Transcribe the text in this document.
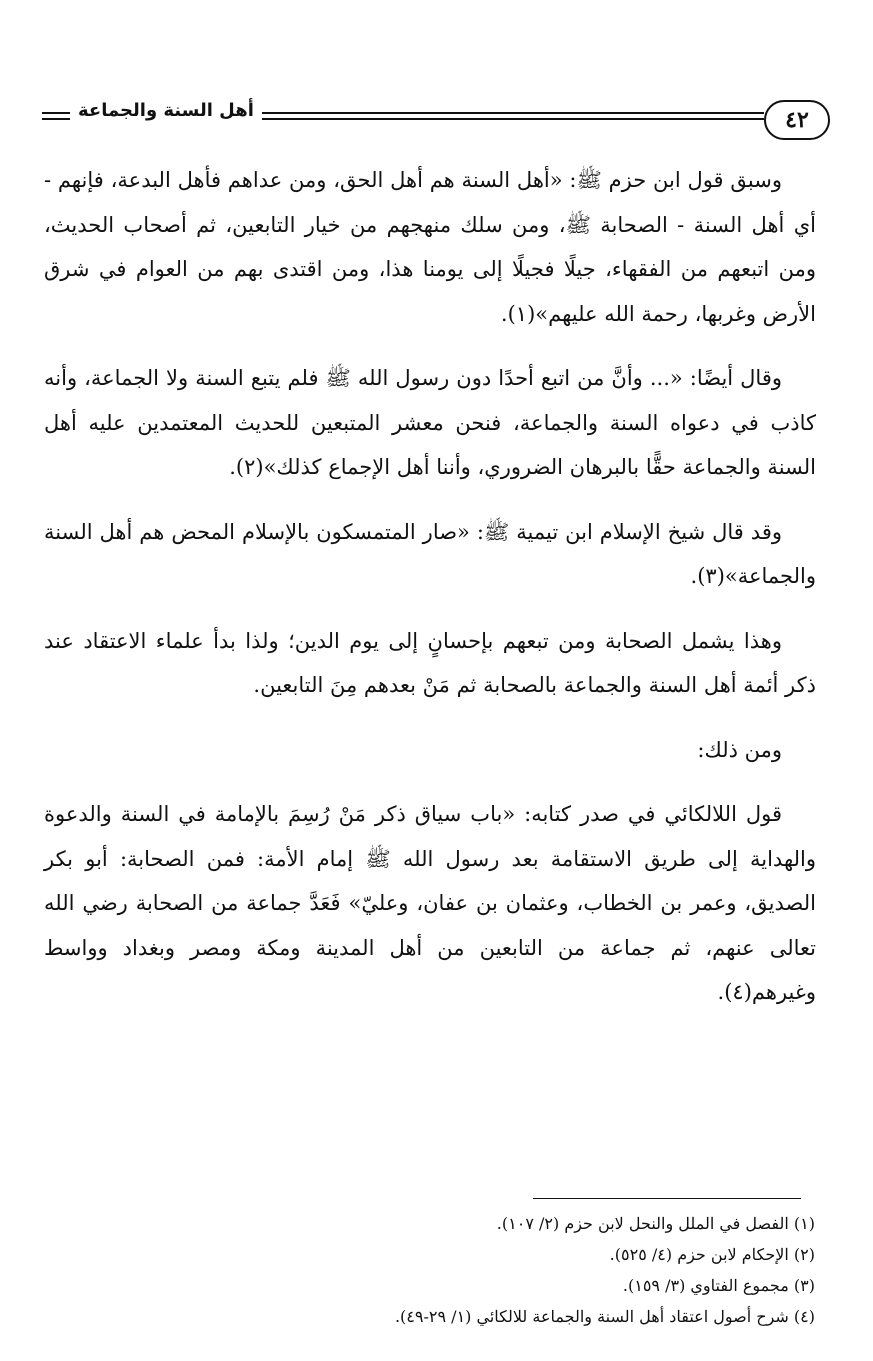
أهل السنة والجماعة	٤٢

وسبق قول ابن حزم ﷺ: «أهل السنة هم أهل الحق، ومن عداهم فأهل البدعة، فإنهم - أي أهل السنة - الصحابة ﷺ، ومن سلك منهجهم من خيار التابعين، ثم أصحاب الحديث، ومن اتبعهم من الفقهاء، جيلًا فجيلًا إلى يومنا هذا، ومن اقتدى بهم من العوام في شرق الأرض وغربها، رحمة الله عليهم»(١).

وقال أيضًا: «... وأنَّ من اتبع أحدًا دون رسول الله ﷺ فلم يتبع السنة ولا الجماعة، وأنه كاذب في دعواه السنة والجماعة، فنحن معشر المتبعين للحديث المعتمدين عليه أهل السنة والجماعة حقًّا بالبرهان الضروري، وأننا أهل الإجماع كذلك»(٢).

وقد قال شيخ الإسلام ابن تيمية ﷺ: «صار المتمسكون بالإسلام المحض هم أهل السنة والجماعة»(٣).

وهذا يشمل الصحابة ومن تبعهم بإحسانٍ إلى يوم الدين؛ ولذا بدأ علماء الاعتقاد عند ذكر أئمة أهل السنة والجماعة بالصحابة ثم مَنْ بعدهم مِنَ التابعين.

ومن ذلك:

قول اللالكائي في صدر كتابه: «باب سياق ذكر مَنْ رُسِمَ بالإمامة في السنة والدعوة والهداية إلى طريق الاستقامة بعد رسول الله ﷺ إمام الأمة: فمن الصحابة: أبو بكر الصديق، وعمر بن الخطاب، وعثمان بن عفان، وعليّ» فَعَدَّ جماعة من الصحابة رضي الله تعالى عنهم، ثم جماعة من التابعين من أهل المدينة ومكة ومصر وبغداد وواسط وغيرهم(٤).

(١) الفصل في الملل والنحل لابن حزم (٢/ ١٠٧).
(٢) الإحكام لابن حزم (٤/ ٥٢٥).
(٣) مجموع الفتاوي (٣/ ١٥٩).
(٤) شرح أصول اعتقاد أهل السنة والجماعة للالكائي (١/ ٢٩-٤٩).
